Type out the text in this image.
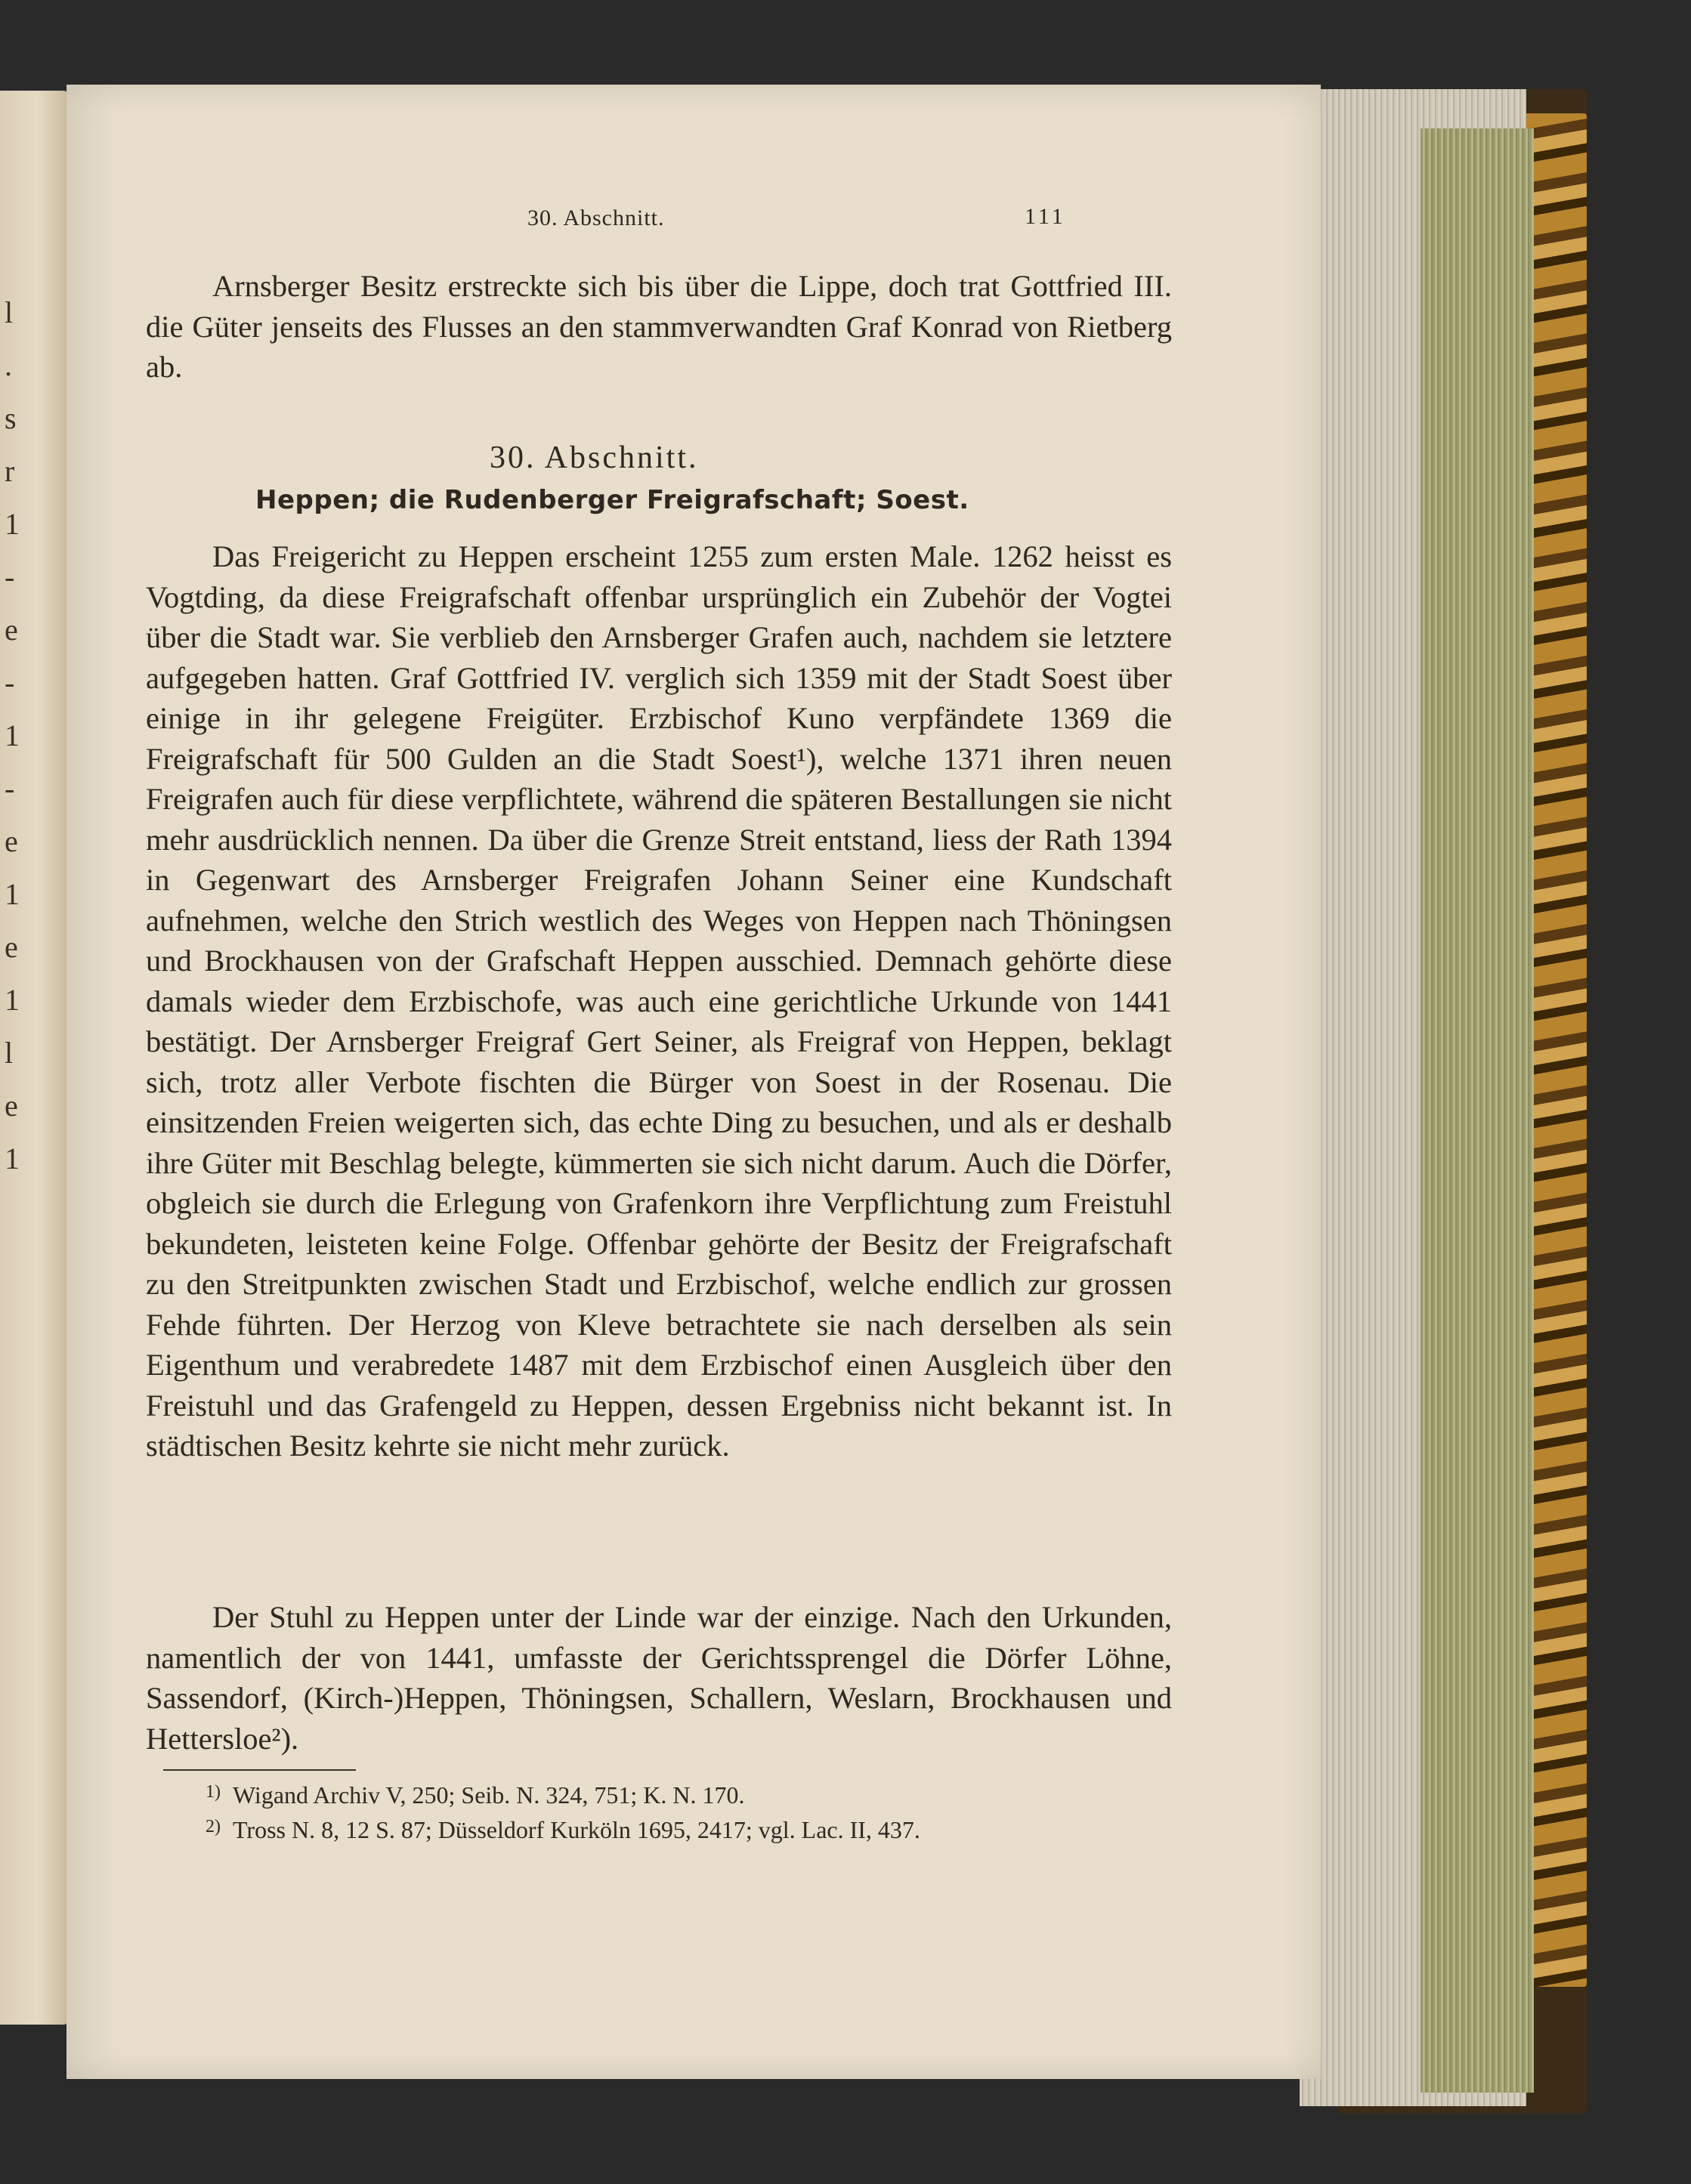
l
.
s
r
1
-
e
-
1
-
e
1
e
1
l
e
1
30. Abschnitt.	111
Arnsberger Besitz erstreckte sich bis über die Lippe, doch trat Gottfried III. die Güter jenseits des Flusses an den stammverwandten Graf Konrad von Rietberg ab.
30. Abschnitt.
Heppen; die Rudenberger Freigrafschaft; Soest.
Das Freigericht zu Heppen erscheint 1255 zum ersten Male. 1262 heisst es Vogtding, da diese Freigrafschaft offenbar ursprünglich ein Zubehör der Vogtei über die Stadt war. Sie verblieb den Arnsberger Grafen auch, nachdem sie letztere aufgegeben hatten. Graf Gottfried IV. verglich sich 1359 mit der Stadt Soest über einige in ihr gelegene Freigüter. Erzbischof Kuno verpfändete 1369 die Freigrafschaft für 500 Gulden an die Stadt Soest¹), welche 1371 ihren neuen Freigrafen auch für diese verpflichtete, während die späteren Bestallungen sie nicht mehr ausdrücklich nennen. Da über die Grenze Streit entstand, liess der Rath 1394 in Gegenwart des Arnsberger Freigrafen Johann Seiner eine Kundschaft aufnehmen, welche den Strich westlich des Weges von Heppen nach Thöningsen und Brockhausen von der Grafschaft Heppen ausschied. Demnach gehörte diese damals wieder dem Erzbischofe, was auch eine gerichtliche Urkunde von 1441 bestätigt. Der Arnsberger Freigraf Gert Seiner, als Freigraf von Heppen, beklagt sich, trotz aller Verbote fischten die Bürger von Soest in der Rosenau. Die einsitzenden Freien weigerten sich, das echte Ding zu besuchen, und als er deshalb ihre Güter mit Beschlag belegte, kümmerten sie sich nicht darum. Auch die Dörfer, obgleich sie durch die Erlegung von Grafenkorn ihre Verpflichtung zum Freistuhl bekundeten, leisteten keine Folge. Offenbar gehörte der Besitz der Freigrafschaft zu den Streitpunkten zwischen Stadt und Erzbischof, welche endlich zur grossen Fehde führten. Der Herzog von Kleve betrachtete sie nach derselben als sein Eigenthum und verabredete 1487 mit dem Erzbischof einen Ausgleich über den Freistuhl und das Grafengeld zu Heppen, dessen Ergebniss nicht bekannt ist. In städtischen Besitz kehrte sie nicht mehr zurück.
Der Stuhl zu Heppen unter der Linde war der einzige. Nach den Urkunden, namentlich der von 1441, umfasste der Gerichtssprengel die Dörfer Löhne, Sassendorf, (Kirch-)Heppen, Thöningsen, Schallern, Weslarn, Brockhausen und Hettersloe²).
1) Wigand Archiv V, 250; Seib. N. 324, 751; K. N. 170.
2) Tross N. 8, 12 S. 87; Düsseldorf Kurköln 1695, 2417; vgl. Lac. II, 437.
